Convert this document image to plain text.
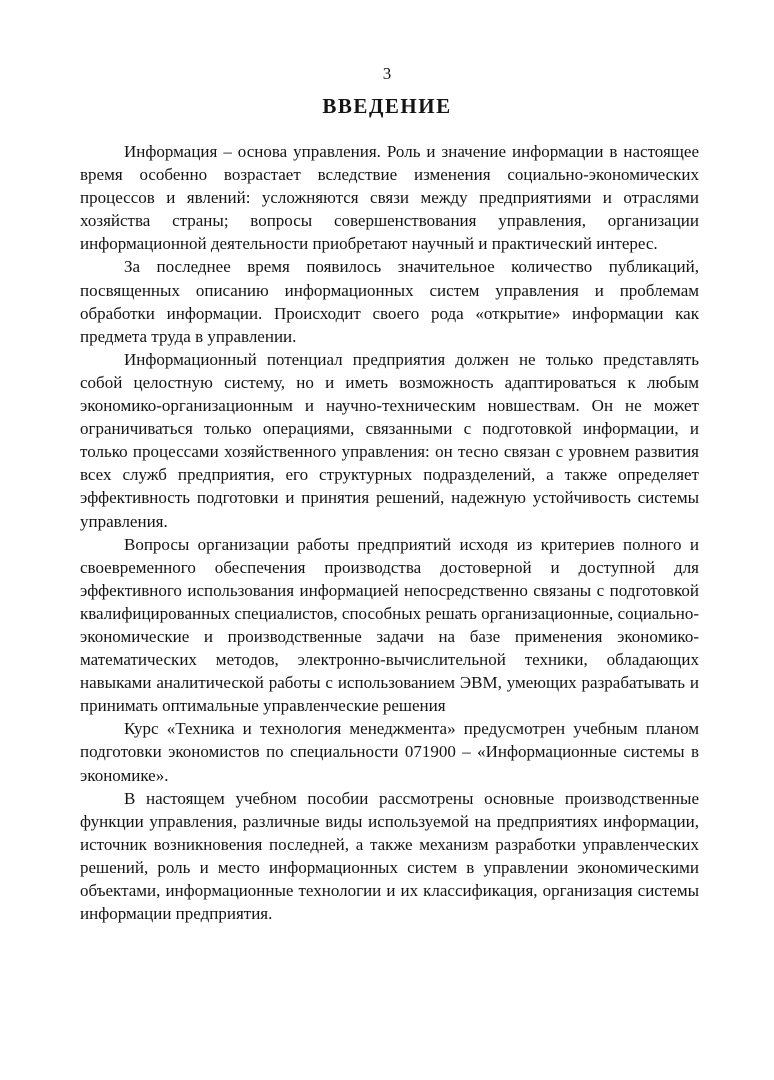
3
ВВЕДЕНИЕ

Информация – основа управления. Роль и значение информации в настоящее время особенно возрастает вследствие изменения социально-экономических процессов и явлений: усложняются связи между предприятиями и отраслями хозяйства страны; вопросы совершенствования управления, организации информационной деятельности приобретают научный и практический интерес.

За последнее время появилось значительное количество публикаций, посвященных описанию информационных систем управления и проблемам обработки информации. Происходит своего рода «открытие» информации как предмета труда в управлении.

Информационный потенциал предприятия должен не только представлять собой целостную систему, но и иметь возможность адаптироваться к любым экономико-организационным и научно-техническим новшествам. Он не может ограничиваться только операциями, связанными с подготовкой информации, и только процессами хозяйственного управления: он тесно связан с уровнем развития всех служб предприятия, его структурных подразделений, а также определяет эффективность подготовки и принятия решений, надежную устойчивость системы управления.

Вопросы организации работы предприятий исходя из критериев полного и своевременного обеспечения производства достоверной и доступной для эффективного использования информацией непосредственно связаны с подготовкой квалифицированных специалистов, способных решать организационные, социально-экономические и производственные задачи на базе применения экономико-математических методов, электронно-вычислительной техники, обладающих навыками аналитической работы с использованием ЭВМ, умеющих разрабатывать и принимать оптимальные управленческие решения

Курс «Техника и технология менеджмента» предусмотрен учебным планом подготовки экономистов по специальности 071900 – «Информационные системы в экономике».

В настоящем учебном пособии рассмотрены основные производственные функции управления, различные виды используемой на предприятиях информации, источник возникновения последней, а также механизм разработки управленческих решений, роль и место информационных систем в управлении экономическими объектами, информационные технологии и их классификация, организация системы информации предприятия.
